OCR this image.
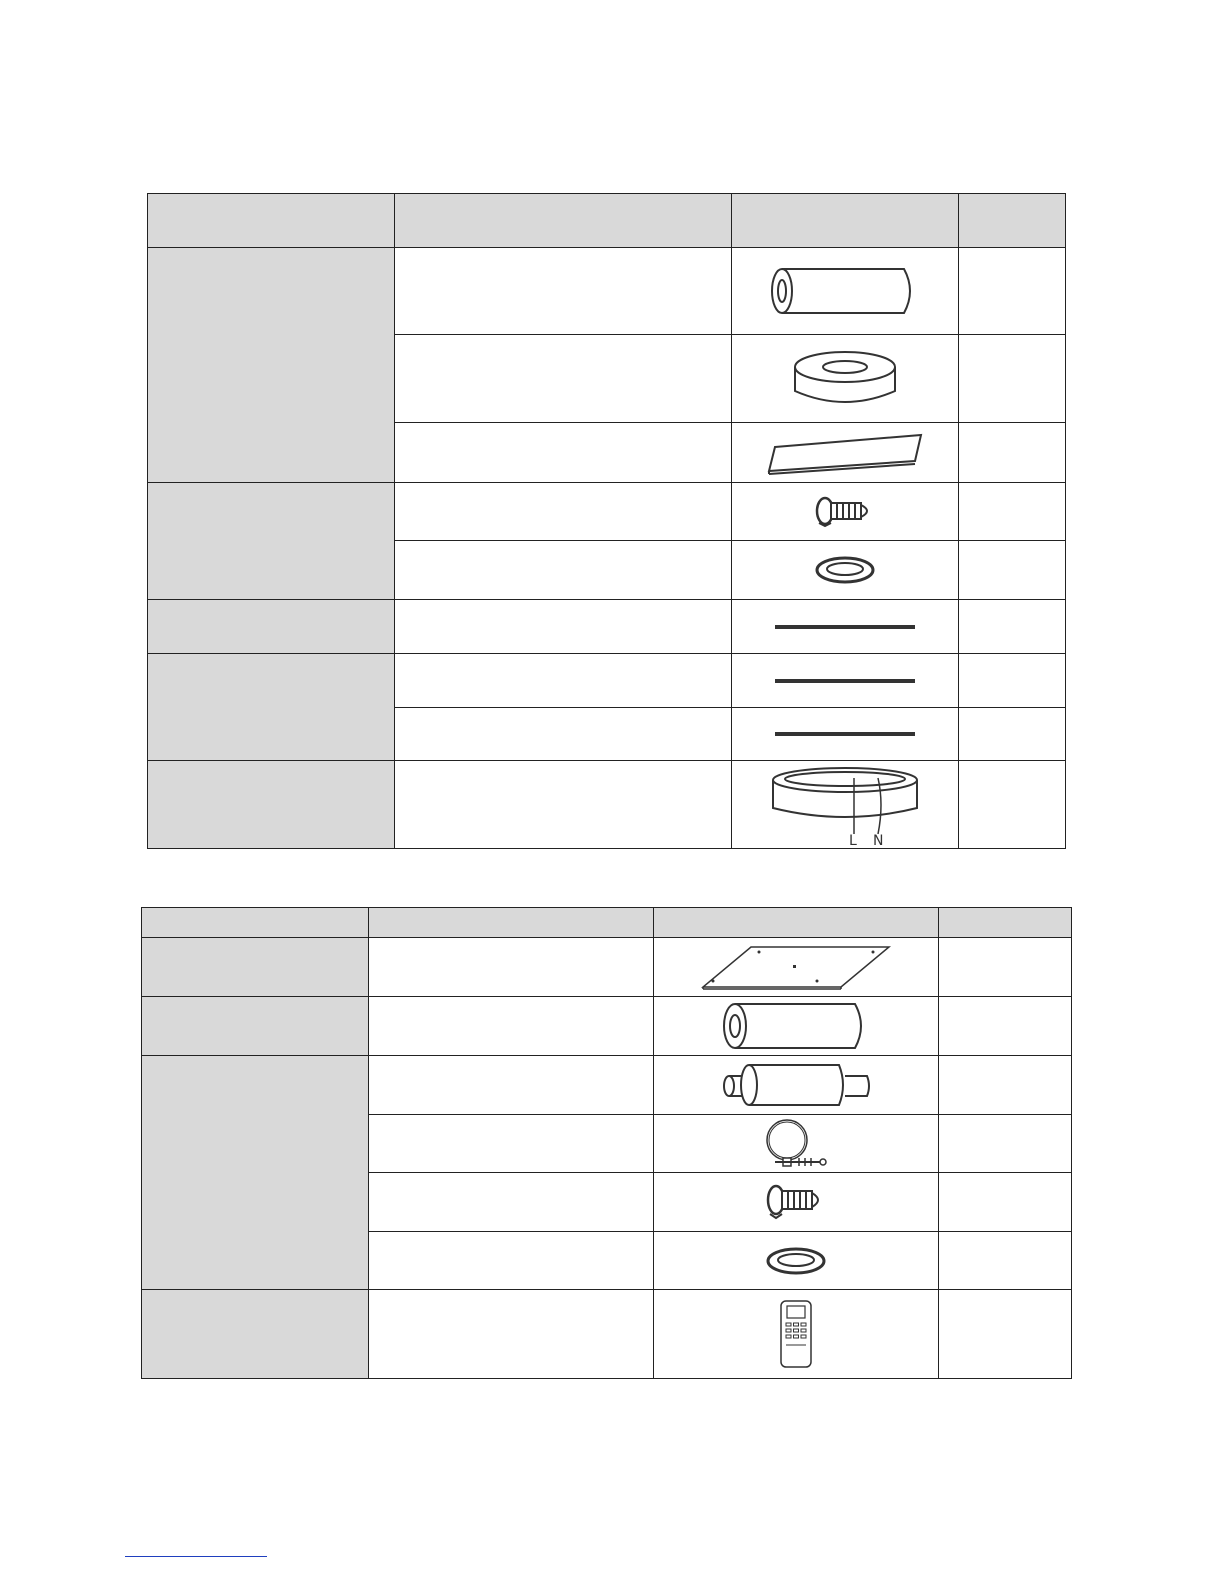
L N	
